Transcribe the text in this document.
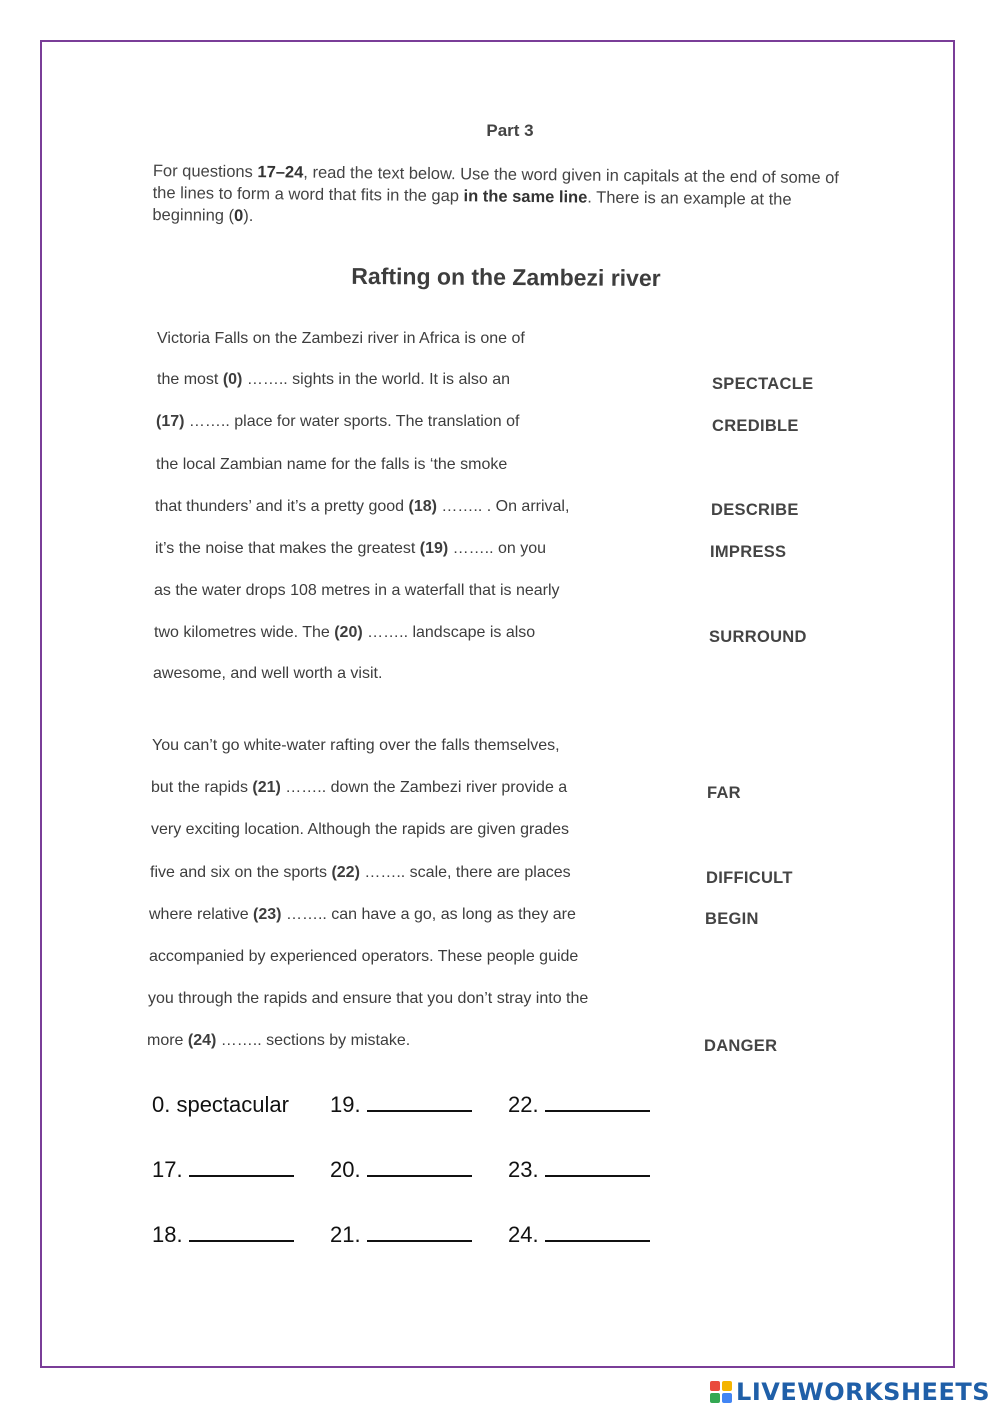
Part 3
For questions 17–24, read the text below. Use the word given in capitals at the end of some of the lines to form a word that fits in the gap in the same line. There is an example at the beginning (0).
Rafting on the Zambezi river
Victoria Falls on the Zambezi river in Africa is one of
the most (0) …….. sights in the world. It is also an
(17) …….. place for water sports. The translation of
the local Zambian name for the falls is ‘the smoke
that thunders’ and it’s a pretty good (18) …….. . On arrival,
it’s the noise that makes the greatest (19) …….. on you
as the water drops 108 metres in a waterfall that is nearly
two kilometres wide. The (20) …….. landscape is also
awesome, and well worth a visit.
You can’t go white-water rafting over the falls themselves,
but the rapids (21) …….. down the Zambezi river provide a
very exciting location. Although the rapids are given grades
five and six on the sports (22) …….. scale, there are places
where relative (23) …….. can have a go, as long as they are
accompanied by experienced operators. These people guide
you through the rapids and ensure that you don’t stray into the
more (24) …….. sections by mistake.
SPECTACLE
CREDIBLE
DESCRIBE
IMPRESS
SURROUND
FAR
DIFFICULT
BEGIN
DANGER
0. spectacular 19.	22.
17.	20.	23.
18.	21.	24.
LIVEWORKSHEETS
